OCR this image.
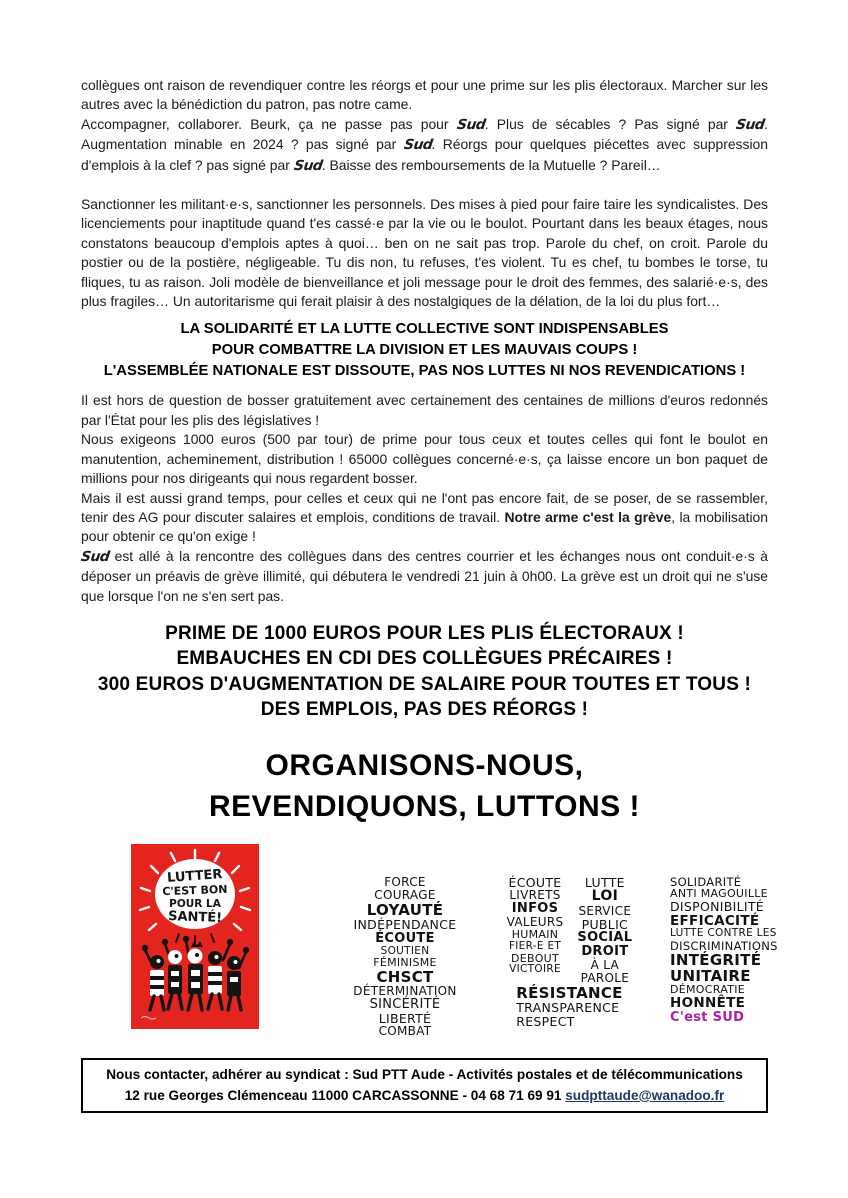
collègues ont raison de revendiquer contre les réorgs et pour une prime sur les plis électoraux. Marcher sur les autres avec la bénédiction du patron, pas notre came.

Accompagner, collaborer. Beurk, ça ne passe pas pour Sud. Plus de sécables ? Pas signé par Sud. Augmentation minable en 2024 ? pas signé par Sud. Réorgs pour quelques piécettes avec suppression d'emplois à la clef ? pas signé par Sud. Baisse des remboursements de la Mutuelle ? Pareil…

Sanctionner les militant·e·s, sanctionner les personnels. Des mises à pied pour faire taire les syndicalistes. Des licenciements pour inaptitude quand t'es cassé·e par la vie ou le boulot. Pourtant dans les beaux étages, nous constatons beaucoup d'emplois aptes à quoi… ben on ne sait pas trop. Parole du chef, on croit. Parole du postier ou de la postière, négligeable. Tu dis non, tu refuses, t'es violent. Tu es chef, tu bombes le torse, tu fliques, tu as raison. Joli modèle de bienveillance et joli message pour le droit des femmes, des salarié·e·s, des plus fragiles… Un autoritarisme qui ferait plaisir à des nostalgiques de la délation, de la loi du plus fort…

LA SOLIDARITÉ ET LA LUTTE COLLECTIVE SONT INDISPENSABLES
POUR COMBATTRE LA DIVISION ET LES MAUVAIS COUPS !
L'ASSEMBLÉE NATIONALE EST DISSOUTE, PAS NOS LUTTES NI NOS REVENDICATIONS !

Il est hors de question de bosser gratuitement avec certainement des centaines de millions d'euros redonnés par l'État pour les plis des législatives !

Nous exigeons 1000 euros (500 par tour) de prime pour tous ceux et toutes celles qui font le boulot en manutention, acheminement, distribution ! 65000 collègues concerné·e·s, ça laisse encore un bon paquet de millions pour nos dirigeants qui nous regardent bosser.

Mais il est aussi grand temps, pour celles et ceux qui ne l'ont pas encore fait, de se poser, de se rassembler, tenir des AG pour discuter salaires et emplois, conditions de travail. Notre arme c'est la grève, la mobilisation pour obtenir ce qu'on exige !

Sud est allé à la rencontre des collègues dans des centres courrier et les échanges nous ont conduit·e·s à déposer un préavis de grève illimité, qui débutera le vendredi 21 juin à 0h00. La grève est un droit qui ne s'use que lorsque l'on ne s'en sert pas.

PRIME DE 1000 EUROS POUR LES PLIS ÉLECTORAUX !
EMBAUCHES EN CDI DES COLLÈGUES PRÉCAIRES !
300 EUROS D'AUGMENTATION DE SALAIRE POUR TOUTES ET TOUS !
DES EMPLOIS, PAS DES RÉORGS !
ORGANISONS-NOUS,
REVENDIQUONS, LUTTONS !
LUTTER
C'EST BON
POUR LA
SANTÉ!
FORCE
COURAGE
LOYAUTÉ
INDÉPENDANCE
ÉCOUTE
SOUTIEN
FÉMINISME
CHSCT
DÉTERMINATION
SINCÉRITÉ
LIBERTÉ
COMBAT
ÉCOUTE
LIVRETS
INFOS
VALEURS
HUMAIN
FIER-E ET
DEBOUT
VICTOIRE
LUTTE
LOI
SERVICE
PUBLIC
SOCIAL
DROIT
À LA
PAROLE
RÉSISTANCE
TRANSPARENCE
RESPECT
SOLIDARITÉ
ANTI MAGOUILLE
DISPONIBILITÉ
EFFICACITÉ
LUTTE CONTRE LES
DISCRIMINATIONS
INTÉGRITÉ
UNITAIRE
DÉMOCRATIE
HONNÊTE
C'est SUD
Nous contacter, adhérer au syndicat : Sud PTT Aude - Activités postales et de télécommunications
12 rue Georges Clémenceau 11000 CARCASSONNE - 04 68 71 69 91 sudpttaude@wanadoo.fr
